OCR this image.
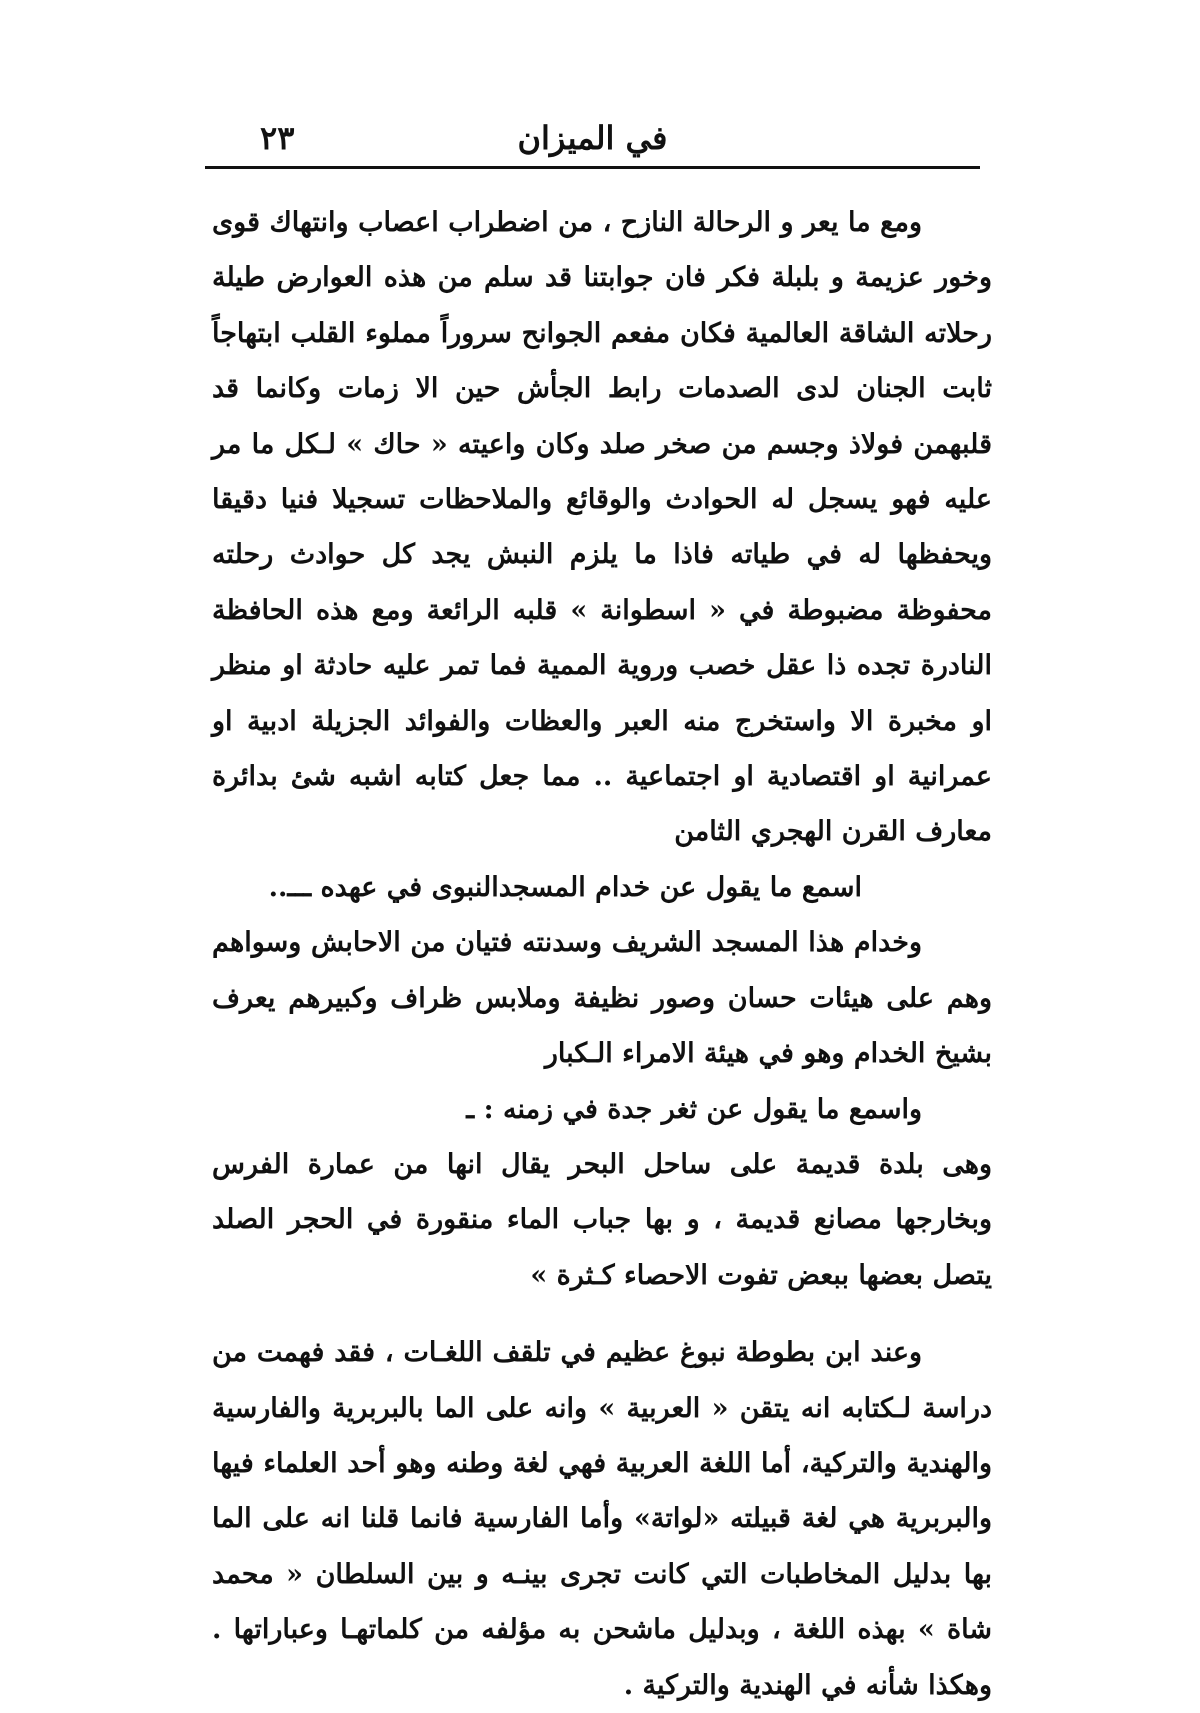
في الميزان
٢٣

ومع ما يعر و الرحالة النازح ، من اضطراب اعصاب وانتهاك قوى وخور عزيمة و بلبلة فكر فان جوابتنا قد سلم من هذه العوارض طيلة رحلاته الشاقة العالمية فكان مفعم الجوانح سروراً مملوء القلب ابتهاجاً ثابت الجنان لدى الصدمات رابط الجأش حين الا زمات وكانما قد قلبهمن فولاذ وجسم من صخر صلد وكان واعيته « حاك » لـكل ما مر عليه فهو يسجل له الحوادث والوقائع والملاحظات تسجيلا فنيا دقيقا ويحفظها له في طياته فاذا ما يلزم النبش يجد كل حوادث رحلته محفوظة مضبوطة في « اسطوانة » قلبه الرائعة ومع هذه الحافظة النادرة تجده ذا عقل خصب وروية الممية فما تمر عليه حادثة او منظر او مخبرة الا واستخرج منه العبر والعظات والفوائد الجزيلة ادبية او عمرانية او اقتصادية او اجتماعية .. مما جعل كتابه اشبه شئ بدائرة معارف القرن الهجري الثامن

اسمع ما يقول عن خدام المسجدالنبوى في عهده ـــ..

وخدام هذا المسجد الشريف وسدنته فتيان من الاحابش وسواهم وهم على هيئات حسان وصور نظيفة وملابس ظراف وكبيرهم يعرف بشيخ الخدام وهو في هيئة الامراء الـكبار

واسمع ما يقول عن ثغر جدة في زمنه : ـ

وهى بلدة قديمة على ساحل البحر يقال انها من عمارة الفرس وبخارجها مصانع قديمة ، و بها جباب الماء منقورة في الحجر الصلد يتصل بعضها ببعض تفوت الاحصاء كـثرة »

وعند ابن بطوطة نبوغ عظيم في تلقف اللغـات ، فقد فهمت من دراسة لـكتابه انه يتقن « العربية » وانه على الما بالبربرية والفارسية والهندية والتركية، أما اللغة العربية فهي لغة وطنه وهو أحد العلماء فيها والبربرية هي لغة قبيلته «لواتة» وأما الفارسية فانما قلنا انه على الما بها بدليل المخاطبات التي كانت تجرى بينـه و بين السلطان « محمد شاة » بهذه اللغة ، وبدليل ماشحن به مؤلفه من كلماتهـا وعباراتها . وهكذا شأنه في الهندية والتركية .
